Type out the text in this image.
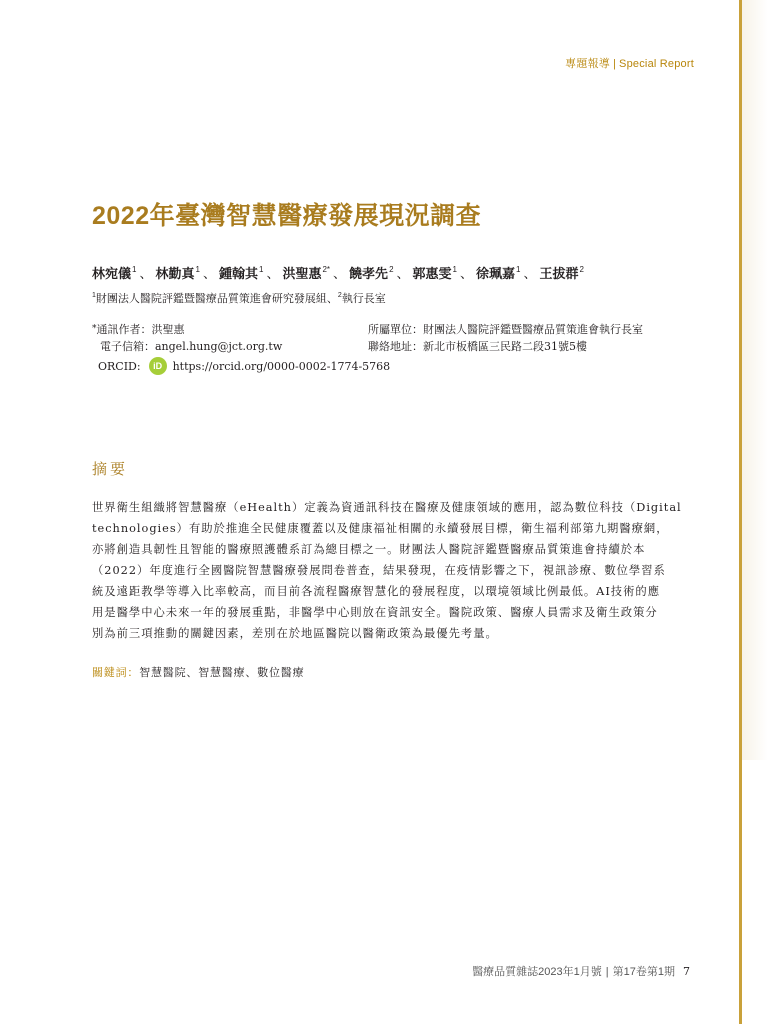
專題報導 | Special Report
2022年臺灣智慧醫療發展現況調查
林宛儀$^1$ 、 林勤真$^1$ 、 鍾翰其$^1$ 、 洪聖惠$^{2*}$ 、 饒孝先$^2$ 、 郭惠雯$^1$ 、 徐珮嘉$^1$ 、 王拔群$^2$
$^1$財團法人醫院評鑑暨醫療品質策進會研究發展組、$^2$執行長室
*通訊作者：洪聖惠
電子信箱：angel.hung@jct.org.tw
所屬單位：財團法人醫院評鑑暨醫療品質策進會執行長室
聯絡地址：新北市板橋區三民路二段31號5樓
ORCID:	iD https://orcid.org/0000-0002-1774-5768
摘要
世界衛生組織將智慧醫療（eHealth）定義為資通訊科技在醫療及健康領域的應用，認為數位科技（Digital
technologies）有助於推進全民健康覆蓋以及健康福祉相關的永續發展目標，衛生福利部第九期醫療網，
亦將創造具韌性且智能的醫療照護體系訂為總目標之一。財團法人醫院評鑑暨醫療品質策進會持續於本
（2022）年度進行全國醫院智慧醫療發展問卷普查，結果發現，在疫情影響之下，視訊診療、數位學習系
統及遠距教學等導入比率較高，而目前各流程醫療智慧化的發展程度，以環境領域比例最低。AI技術的應
用是醫學中心未來一年的發展重點，非醫學中心則放在資訊安全。醫院政策、醫療人員需求及衛生政策分
別為前三項推動的關鍵因素，差別在於地區醫院以醫衛政策為最優先考量。
關鍵詞：智慧醫院、智慧醫療、數位醫療
醫療品質雜誌2023年1月號 | 第17卷第1期 7
